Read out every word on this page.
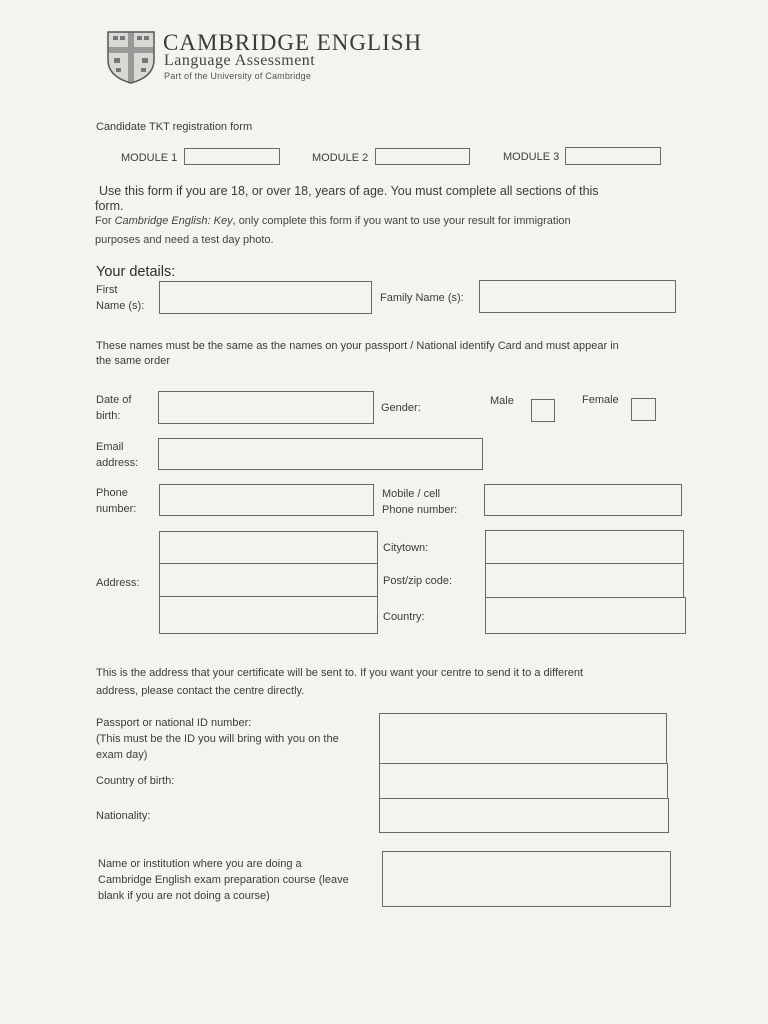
CAMBRIDGE ENGLISH
Language Assessment
Part of the University of Cambridge
Candidate TKT registration form
MODULE 1	MODULE 2	MODULE 3
Use this form if you are 18, or over 18, years of age. You must complete all sections of this
form.
For Cambridge English: Key, only complete this form if you want to use your result for immigration
purposes and need a test day photo.
Your details:
First
Name (s):
Family Name (s):
These names must be the same as the names on your passport / National identify Card and must appear in
the same order
Date of
birth:
Gender:
Male	Female
Email
address:
Phone
number:
Mobile / cell
Phone number:
Address:
Citytown:
Post/zip code:
Country:
This is the address that your certificate will be sent to. If you want your centre to send it to a different
address, please contact the centre directly.
Passport or national ID number:
(This must be the ID you will bring with you on the
exam day)
Country of birth:
Nationality:
Name or institution where you are doing a
Cambridge English exam preparation course (leave
blank if you are not doing a course)
